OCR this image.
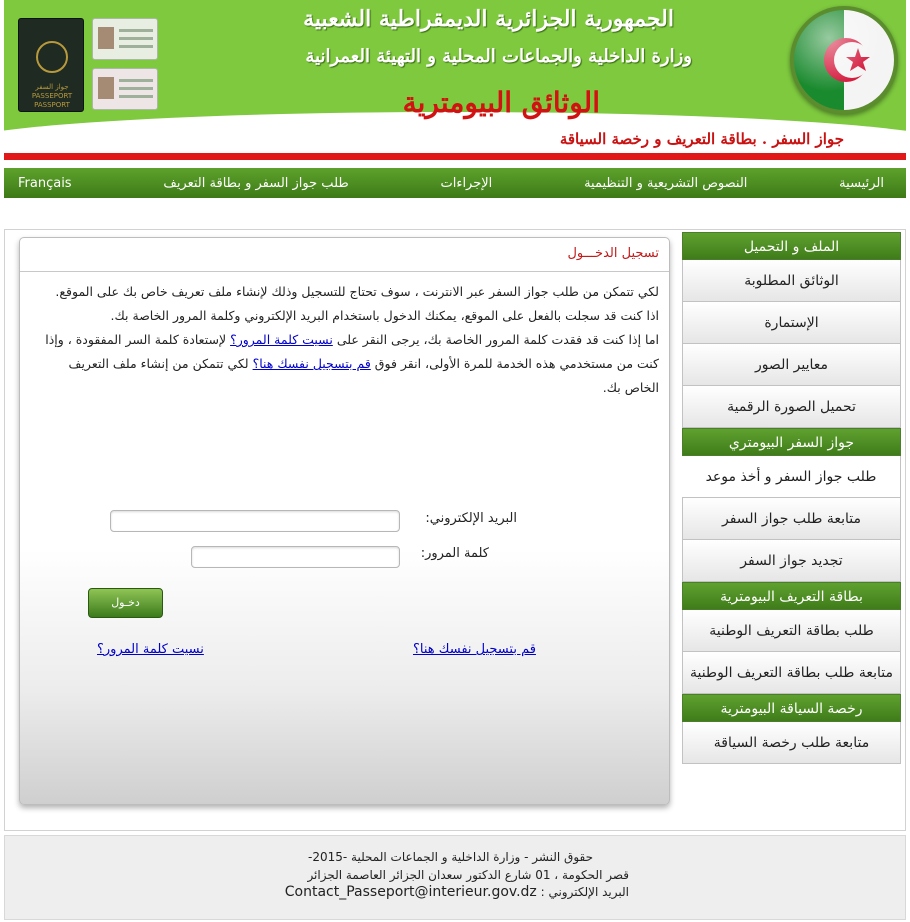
جواز السفر PASSEPORT PASSPORT
الجمهورية الجزائرية الديمقراطية الشعبية
وزارة الداخلية والجماعات المحلية و التهيئة العمرانية
الوثائق البيومترية
جواز السفر . بطاقة التعريف و رخصة السياقة
الرئيسية
النصوص التشريعية و التنظيمية
الإجراءات
طلب جواز السفر و بطاقة التعريف
Français
تسجيل الدخـــول

لكي تتمكن من طلب جواز السفر عبر الانترنت ، سوف تحتاج للتسجيل وذلك لإنشاء ملف تعريف خاص بك على الموقع.

اذا كنت قد سجلت بالفعل على الموقع، يمكنك الدخول باستخدام البريد الإلكتروني وكلمة المرور الخاصة بك.

اما إذا كنت قد فقدت كلمة المرور الخاصة بك، يرجى النقر على نسيت كلمة المرور؟ لإستعادة كلمة السر المفقودة ، وإذا كنت من مستخدمي هذه الخدمة للمرة الأولى، انقر فوق قم بتسجيل نفسك هنا؟ لكي تتمكن من إنشاء ملف التعريف الخاص بك.

البريد الإلكتروني:
كلمة المرور:
دخـول
قم بتسجيل نفسك هنا؟
نسيت كلمة المرور؟
الملف و التحميل
الوثائق المطلوبة
الإستمارة
معايير الصور
تحميل الصورة الرقمية
جواز السفر البيومتري
طلب جواز السفر و أخذ موعد
متابعة طلب جواز السفر
تجديد جواز السفر
بطاقة التعريف البيومترية
طلب بطاقة التعريف الوطنية
متابعة طلب بطاقة التعريف الوطنية
رخصة السياقة البيومترية
متابعة طلب رخصة السياقة
حقوق النشر - وزارة الداخلية و الجماعات المحلية -2015-
قصر الحكومة ، 01 شارع الدكتور سعدان الجزائر العاصمة الجزائر
البريد الإلكتروني : Contact_Passeport@interieur.gov.dz
